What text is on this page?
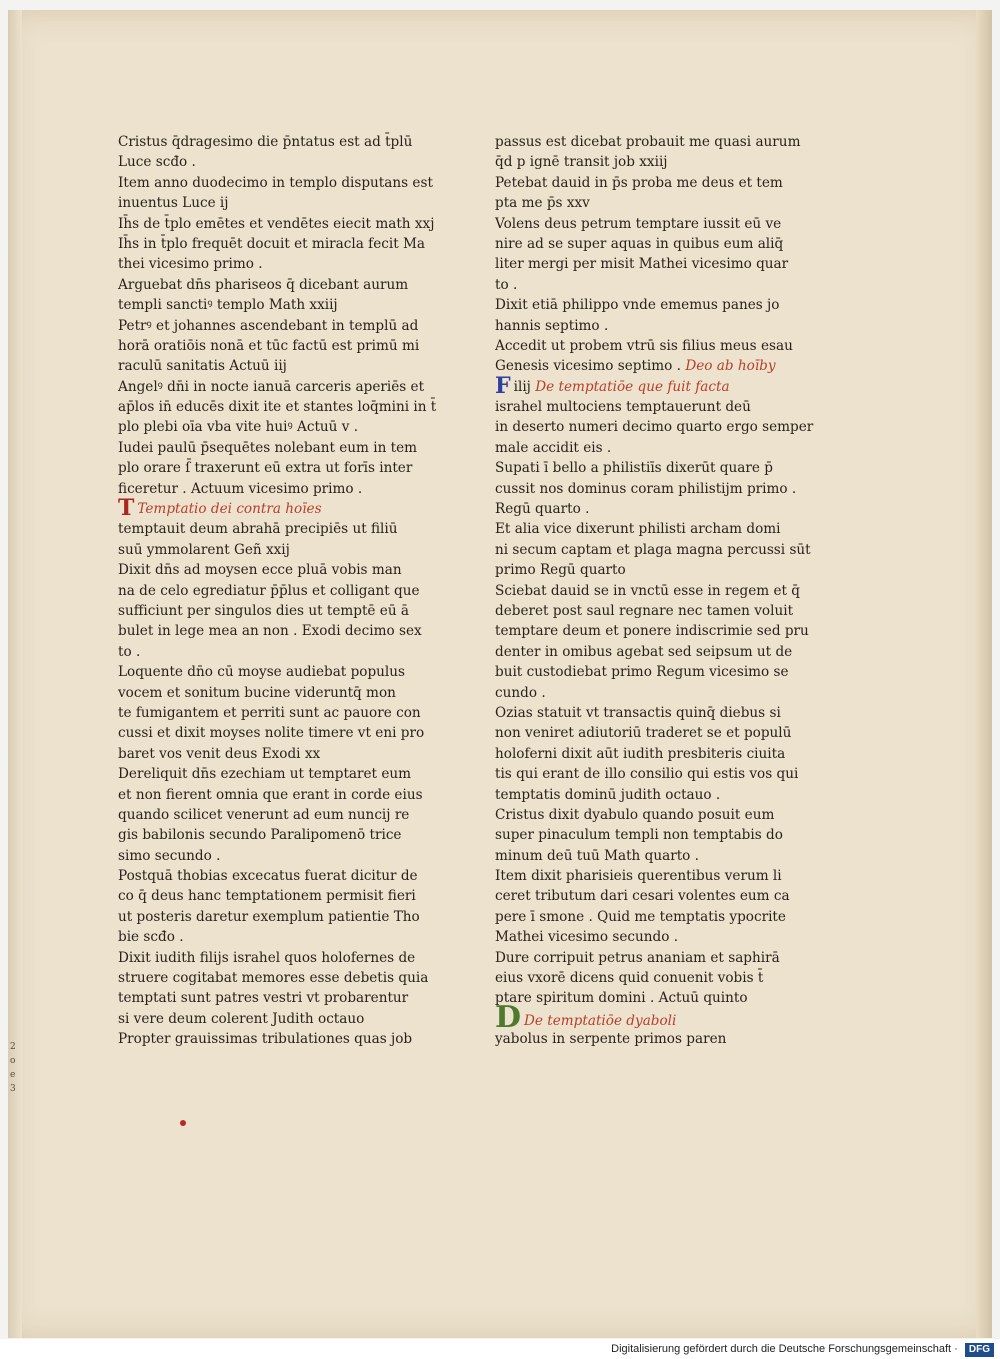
Cristus q̄dragesimo die p̄ntatus est ad t̄plū
Luce scđo .
Item anno duodecimo in templo disputans est
inuentus Luce ij
Ih̄s de t̄plo emētes et vendētes eiecit math xxj
Ih̄s in t̄plo frequēt docuit et miracla fecit Ma
thei vicesimo primo .
Arguebat dn̄s phariseos q̄ dicebant aurum
templi sanctiꝰ templo Math xxiij
Petrꝰ et johannes ascendebant in templū ad
horā oratiōis nonā et tūc factū est primū mi
raculū sanitatis Actuū iij
Angelꝰ dn̄i in nocte ianuā carceris aperiēs et
ap̄los in̄ educēs dixit ite et stantes loq̄mini in t̄
plo plebi oīa vba vite huiꝰ Actuū v .
Iudei paulū p̄sequētes nolebant eum in tem
plo orare ſ̄ traxerunt eū extra ut forīs inter
ficeretur . Actuum vicesimo primo .
T Temptatio dei contra hoīes
temptauit deum abrahā precipiēs ut filiū
suū ymmolarent Geñ xxij
Dixit dn̄s ad moysen ecce pluā vobis man
na de celo egrediatur p̄p̄lus et colligant que
sufficiunt per singulos dies ut temptē eū ā
bulet in lege mea an non . Exodi decimo sex
to .
Loquente dn̄o cū moyse audiebat populus
vocem et sonitum bucine videruntq̄ mon
te fumigantem et perriti sunt ac pauore con
cussi et dixit moyses nolite timere vt eni pro
baret vos venit deus Exodi xx
Dereliquit dn̄s ezechiam ut temptaret eum
et non fierent omnia que erant in corde eius
quando scilicet venerunt ad eum nuncij re
gis babilonis secundo Paralipomenō trice
simo secundo .
Postquā thobias excecatus fuerat dicitur de
co q̄ deus hanc temptationem permisit fieri
ut posteris daretur exemplum patientie Tho
bie scđo .
Dixit iudith filijs israhel quos holofernes de
struere cogitabat memores esse debetis quia
temptati sunt patres vestri vt probarentur
si vere deum colerent Judith octauo
Propter grauissimas tribulationes quas job
passus est dicebat probauit me quasi aurum
q̄d p ignē transit job xxiij
Petebat dauid in p̄s proba me deus et tem
pta me p̄s xxv
Volens deus petrum temptare iussit eū ve
nire ad se super aquas in quibus eum aliq̄
liter mergi per misit Mathei vicesimo quar
to .
Dixit etiā philippo vnde ememus panes jo
hannis septimo .
Accedit ut probem vtrū sis filius meus esau
Genesis vicesimo septimo . Deo ab hoīby
Filij De temptatiōe que fuit facta
israhel multociens temptauerunt deū
in deserto numeri decimo quarto ergo semper
male accidit eis .
Supati ī bello a philistiīs dixerūt quare p̄
cussit nos dominus coram philistijm primo .
Regū quarto .
Et alia vice dixerunt philisti archam domi
ni secum captam et plaga magna percussi sūt
primo Regū quarto
Sciebat dauid se in vnctū esse in regem et q̄
deberet post saul regnare nec tamen voluit
temptare deum et ponere indiscrimie sed pru
denter in omibus agebat sed seipsum ut de
buit custodiebat primo Regum vicesimo se
cundo .
Ozias statuit vt transactis quinq̄ diebus si
non veniret adiutoriū traderet se et populū
holoferni dixit aūt iudith presbiteris ciuita
tis qui erant de illo consilio qui estis vos qui
temptatis dominū judith octauo .
Cristus dixit dyabulo quando posuit eum
super pinaculum templi non temptabis do
minum deū tuū Math quarto .
Item dixit pharisieis querentibus verum li
ceret tributum dari cesari volentes eum ca
pere ī smone . Quid me temptatis ypocrite
Mathei vicesimo secundo .
Dure corripuit petrus ananiam et saphirā
eius vxorē dicens quid conuenit vobis t̄
ptare spiritum domini . Actuū quinto
D De temptatiōe dyaboli
yabolus in serpente primos paren
2
o
e
3
Digitalisierung gefördert durch die Deutsche Forschungsgemeinschaft · DFG
